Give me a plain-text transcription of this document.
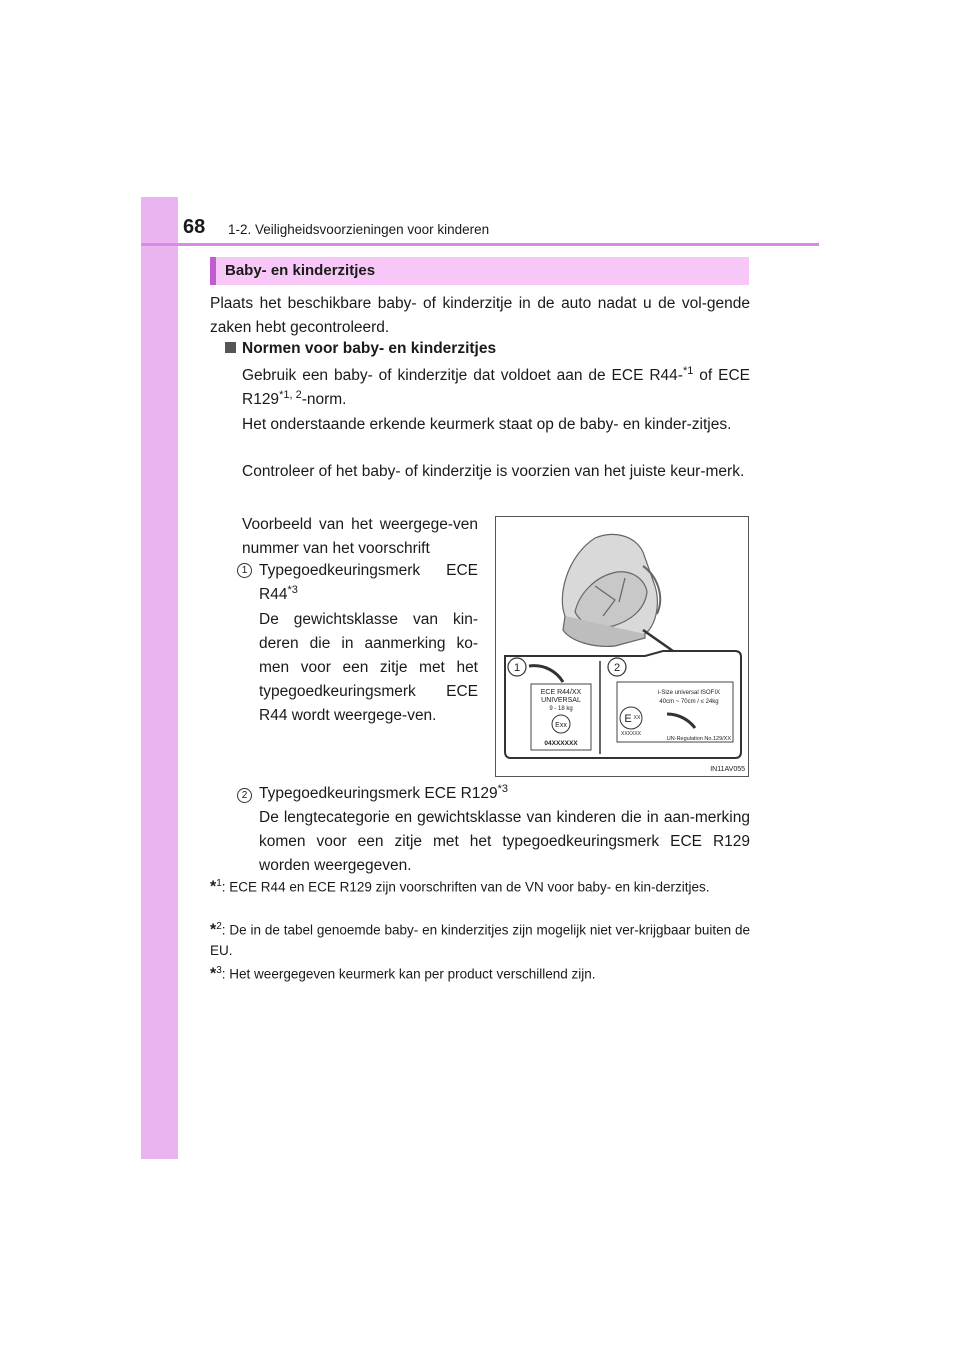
68 1-2. Veiligheidsvoorzieningen voor kinderen
Baby- en kinderzitjes
Plaats het beschikbare baby- of kinderzitje in de auto nadat u de vol-gende zaken hebt gecontroleerd.
Normen voor baby- en kinderzitjes
Gebruik een baby- of kinderzitje dat voldoet aan de ECE R44-$^{*1}$ of ECE R129$^{*1, 2}$-norm.
Het onderstaande erkende keurmerk staat op de baby- en kinder-zitjes.
Controleer of het baby- of kinderzitje is voorzien van het juiste keur-merk.
Voorbeeld van het weergege-ven nummer van het voorschrift
1 Typegoedkeuringsmerk ECE R44$^{*3}$
De gewichtsklasse van kin-deren die in aanmerking ko-men voor een zitje met het typegoedkeuringsmerk ECE R44 wordt weergege-ven.
2 Typegoedkeuringsmerk ECE R129$^{*3}$
De lengtecategorie en gewichtsklasse van kinderen die in aan-merking komen voor een zitje met het typegoedkeuringsmerk ECE R129 worden weergegeven.
*$^1$: ECE R44 en ECE R129 zijn voorschriften van de VN voor baby- en kin-derzitjes.
*$^2$: De in de tabel genoemde baby- en kinderzitjes zijn mogelijk niet ver-krijgbaar buiten de EU.
*$^3$: Het weergegeven keurmerk kan per product verschillend zijn.
1
ECE R44/XX
UNIVERSAL
9 - 18 kg
Exx
04XXXXXX
2
i-Size universal ISOFIX
40cm ~ 70cm / ≤ 24kg
E XX
XXXXXX
UN-Regulation No.129/XX
IN11AV055
